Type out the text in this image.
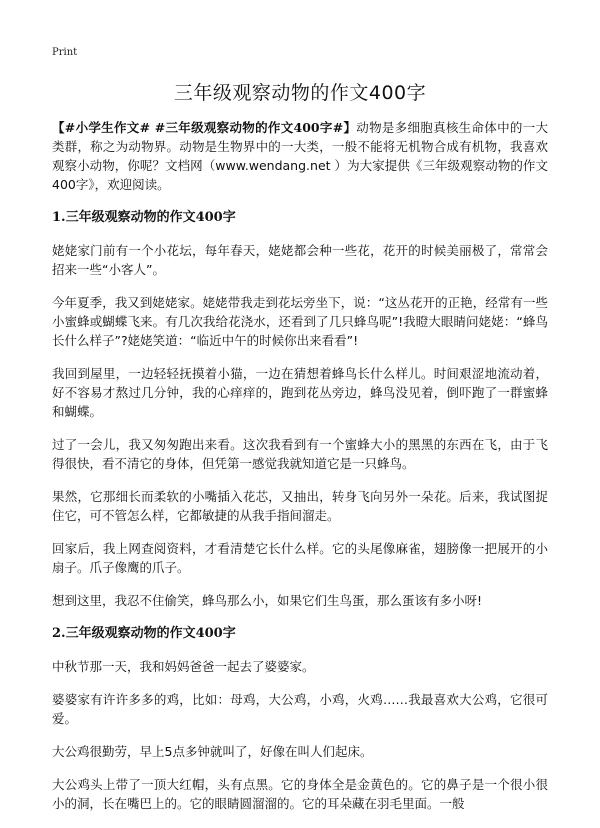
Print
三年级观察动物的作文400字

【#小学生作文# #三年级观察动物的作文400字#】动物是多细胞真核生命体中的一大类群，称之为动物界。动物是生物界中的一大类，一般不能将无机物合成有机物，我喜欢观察小动物，你呢？文档网（www.wendang.net ）为大家提供《三年级观察动物的作文400字》，欢迎阅读。

1.三年级观察动物的作文400字

姥姥家门前有一个小花坛，每年春天，姥姥都会种一些花，花开的时候美丽极了，常常会招来一些“小客人”。

今年夏季，我又到姥姥家。姥姥带我走到花坛旁坐下，说：“这丛花开的正艳，经常有一些小蜜蜂或蝴蝶飞来。有几次我给花浇水，还看到了几只蜂鸟呢”!我瞪大眼睛问姥姥：“蜂鸟长什么样子”?姥姥笑道：“临近中午的时候你出来看看”!

我回到屋里，一边轻轻抚摸着小猫，一边在猜想着蜂鸟长什么样儿。时间艰涩地流动着，好不容易才熬过几分钟，我的心痒痒的，跑到花丛旁边，蜂鸟没见着，倒吓跑了一群蜜蜂和蝴蝶。

过了一会儿，我又匆匆跑出来看。这次我看到有一个蜜蜂大小的黑黑的东西在飞，由于飞得很快，看不清它的身体，但凭第一感觉我就知道它是一只蜂鸟。

果然，它那细长而柔软的小嘴插入花芯，又抽出，转身飞向另外一朵花。后来，我试图捉住它，可不管怎么样，它都敏捷的从我手指间溜走。

回家后，我上网查阅资料，才看清楚它长什么样。它的头尾像麻雀，翅膀像一把展开的小扇子。爪子像鹰的爪子。

想到这里，我忍不住偷笑，蜂鸟那么小，如果它们生鸟蛋，那么蛋该有多小呀!

2.三年级观察动物的作文400字

中秋节那一天，我和妈妈爸爸一起去了婆婆家。

婆婆家有许许多多的鸡，比如：母鸡，大公鸡，小鸡，火鸡……我最喜欢大公鸡，它很可爱。

大公鸡很勤劳，早上5点多钟就叫了，好像在叫人们起床。

大公鸡头上带了一顶大红帽，头有点黑。它的身体全是金黄色的。它的鼻子是一个很小很小的洞，长在嘴巴上的。它的眼睛圆溜溜的。它的耳朵藏在羽毛里面。一般
